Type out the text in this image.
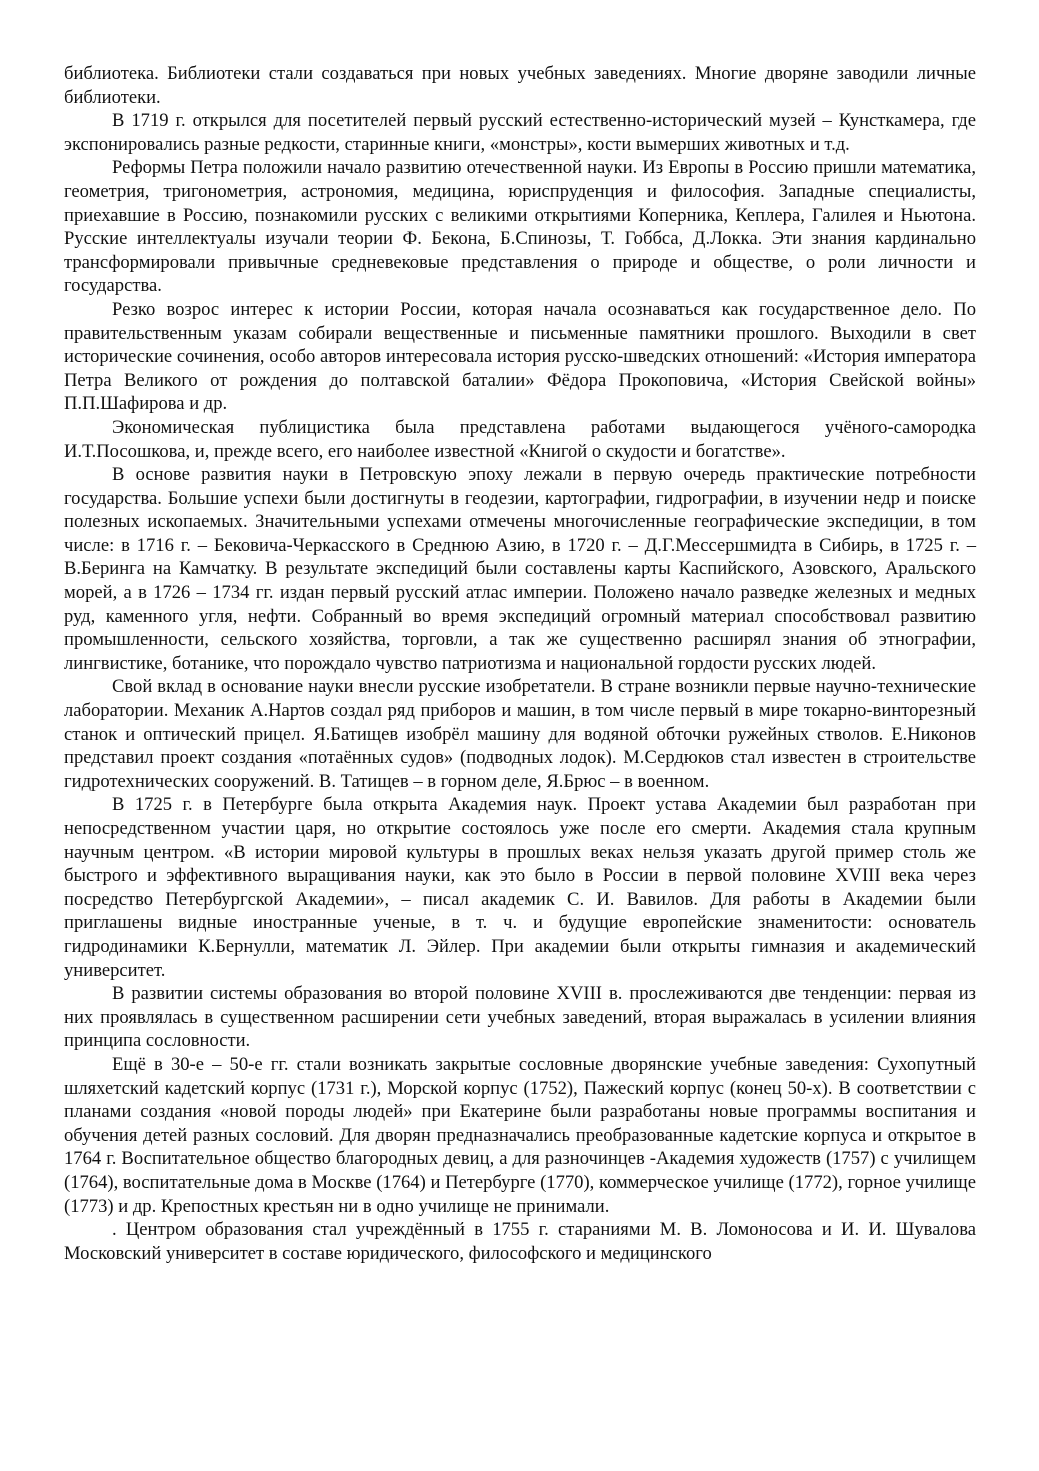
библиотека. Библиотеки стали создаваться при новых учебных заведениях. Многие дворяне заводили личные библиотеки.

В 1719 г. открылся для посетителей первый русский естественно-исторический музей – Кунсткамера, где экспонировались разные редкости, старинные книги, «монстры», кости вымерших животных и т.д.

Реформы Петра положили начало развитию отечественной науки. Из Европы в Россию пришли математика, геометрия, тригонометрия, астрономия, медицина, юриспруденция и философия. Западные специалисты, приехавшие в Россию, познакомили русских с великими открытиями Коперника, Кеплера, Галилея и Ньютона. Русские интеллектуалы изучали теории Ф. Бекона, Б.Спинозы, Т. Гоббса, Д.Локка. Эти знания кардинально трансформировали привычные средневековые представления о природе и обществе, о роли личности и государства.

Резко возрос интерес к истории России, которая начала осознаваться как государственное дело. По правительственным указам собирали вещественные и письменные памятники прошлого. Выходили в свет исторические сочинения, особо авторов интересовала история русско-шведских отношений: «История императора Петра Великого от рождения до полтавской баталии» Фёдора Прокоповича, «История Свейской войны» П.П.Шафирова и др.

Экономическая публицистика была представлена работами выдающегося учёного-самородка И.Т.Посошкова, и, прежде всего, его наиболее известной «Книгой о скудости и богатстве».

В основе развития науки в Петровскую эпоху лежали в первую очередь практические потребности государства. Большие успехи были достигнуты в геодезии, картографии, гидрографии, в изучении недр и поиске полезных ископаемых. Значительными успехами отмечены многочисленные географические экспедиции, в том числе: в 1716 г. – Бековича-Черкасского в Среднюю Азию, в 1720 г. – Д.Г.Мессершмидта в Сибирь, в 1725 г. – В.Беринга на Камчатку. В результате экспедиций были составлены карты Каспийского, Азовского, Аральского морей, а в 1726 – 1734 гг. издан первый русский атлас империи. Положено начало разведке железных и медных руд, каменного угля, нефти. Собранный во время экспедиций огромный материал способствовал развитию промышленности, сельского хозяйства, торговли, а так же существенно расширял знания об этнографии, лингвистике, ботанике, что порождало чувство патриотизма и национальной гордости русских людей.

Свой вклад в основание науки внесли русские изобретатели. В стране возникли первые научно-технические лаборатории. Механик А.Нартов создал ряд приборов и машин, в том числе первый в мире токарно-винторезный станок и оптический прицел. Я.Батищев изобрёл машину для водяной обточки ружейных стволов. Е.Никонов представил проект создания «потаённых судов» (подводных лодок). М.Сердюков стал известен в строительстве гидротехнических сооружений. В. Татищев – в горном деле, Я.Брюс – в военном.

В 1725 г. в Петербурге была открыта Академия наук. Проект устава Академии был разработан при непосредственном участии царя, но открытие состоялось уже после его смерти. Академия стала крупным научным центром. «В истории мировой культуры в прошлых веках нельзя указать другой пример столь же быстрого и эффективного выращивания науки, как это было в России в первой половине XVIII века через посредство Петербургской Академии», – писал академик С. И. Вавилов. Для работы в Академии были приглашены видные иностранные ученые, в т. ч. и будущие европейские знаменитости: основатель гидродинамики К.Бернулли, математик Л. Эйлер. При академии были открыты гимназия и академический университет.

В развитии системы образования во второй половине XVIII в. прослеживаются две тенденции: первая из них проявлялась в существенном расширении сети учебных заведений, вторая выражалась в усилении влияния принципа сословности.

Ещё в 30-е – 50-е гг. стали возникать закрытые сословные дворянские учебные заведения: Сухопутный шляхетский кадетский корпус (1731 г.), Морской корпус (1752), Пажеский корпус (конец 50-х). В соответствии с планами создания «новой породы людей» при Екатерине были разработаны новые программы воспитания и обучения детей разных сословий. Для дворян предназначались преобразованные кадетские корпуса и открытое в 1764 г. Воспитательное общество благородных девиц, а для разночинцев -Академия художеств (1757) с училищем (1764), воспитательные дома в Москве (1764) и Петербурге (1770), коммерческое училище (1772), горное училище (1773) и др. Крепостных крестьян ни в одно училище не принимали.

. Центром образования стал учреждённый в 1755 г. стараниями М. В. Ломоносова и И. И. Шувалова Московский университет в составе юридического, философского и медицинского
